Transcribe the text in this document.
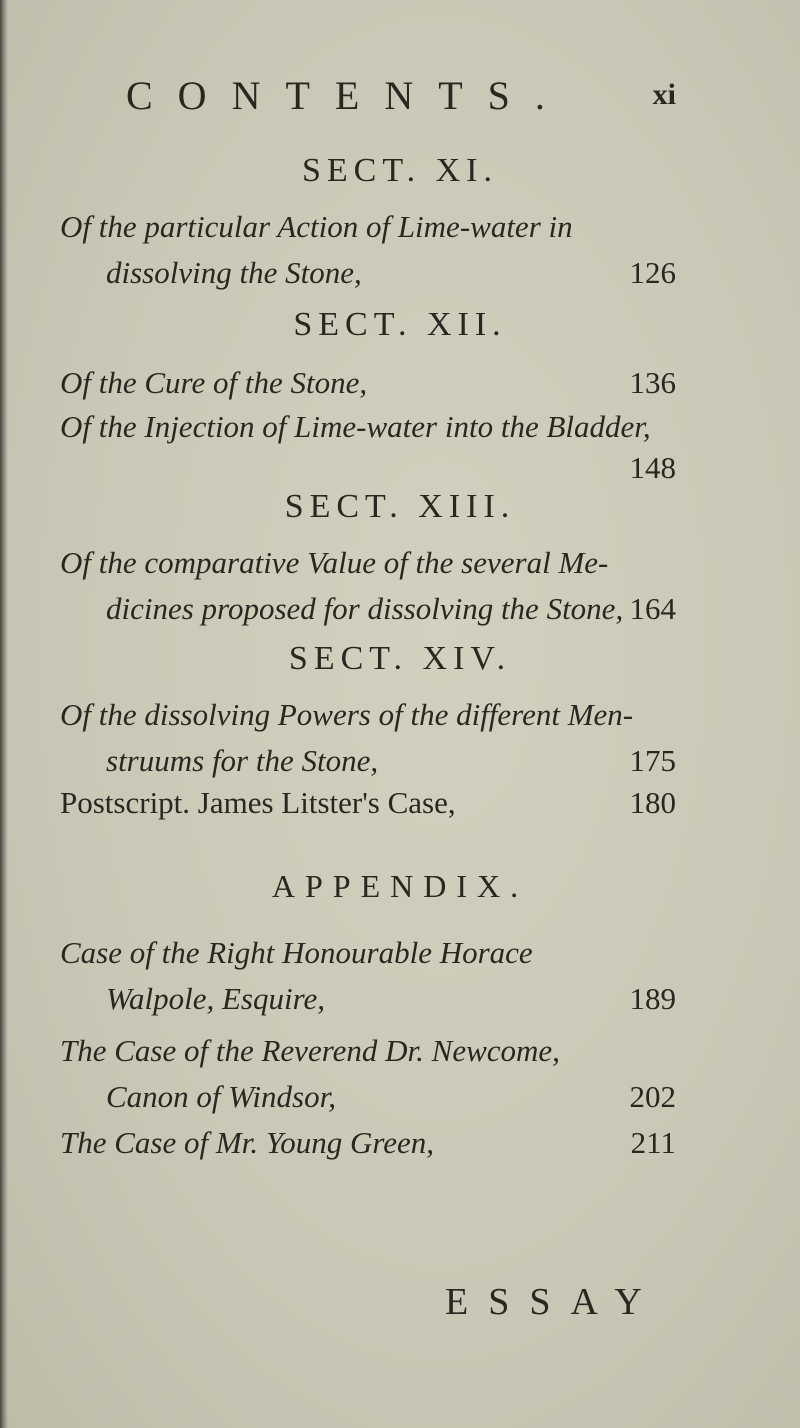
CONTENTS.	xi
SECT. XI.
Of the particular Action of Lime-water in
dissolving the Stone,	126
SECT. XII.
Of the Cure of the Stone,	136
Of the Injection of Lime-water into the Bladder,
148
SECT. XIII.
Of the comparative Value of the several Me-
dicines proposed for dissolving the Stone, 164
SECT. XIV.
Of the dissolving Powers of the different Men-
struums for the Stone,	175
Postscript. James Litster's Case,	180
APPENDIX.
Case of the Right Honourable Horace
Walpole, Esquire,	189
The Case of the Reverend Dr. Newcome,
Canon of Windsor,	202
The Case of Mr. Young Green,	211
ESSAY
